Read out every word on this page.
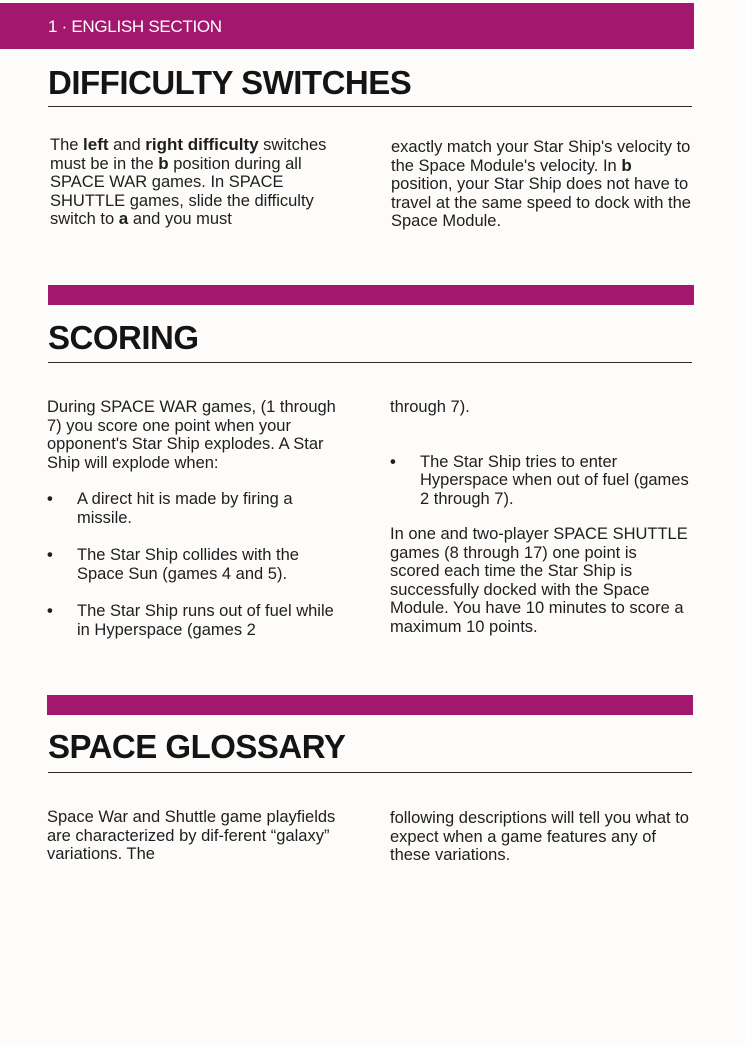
1 · ENGLISH SECTION
DIFFICULTY SWITCHES

The left and right difficulty switches must be in the b position during all SPACE WAR games. In SPACE SHUTTLE games, slide the difficulty switch to a and you must

exactly match your Star Ship's velocity to the Space Module's velocity. In b position, your Star Ship does not have to travel at the same speed to dock with the Space Module.

SCORING

During SPACE WAR games, (1 through 7) you score one point when your opponent's Star Ship explodes. A Star Ship will explode when:

• A direct hit is made by firing a missile.
• The Star Ship collides with the Space Sun (games 4 and 5).
• The Star Ship runs out of fuel while in Hyperspace (games 2

through 7).

• The Star Ship tries to enter Hyperspace when out of fuel (games 2 through 7).

In one and two-player SPACE SHUTTLE games (8 through 17) one point is scored each time the Star Ship is successfully docked with the Space Module. You have 10 minutes to score a maximum 10 points.

SPACE GLOSSARY

Space War and Shuttle game playfields are characterized by dif-ferent “galaxy” variations. The

following descriptions will tell you what to expect when a game features any of these variations.
